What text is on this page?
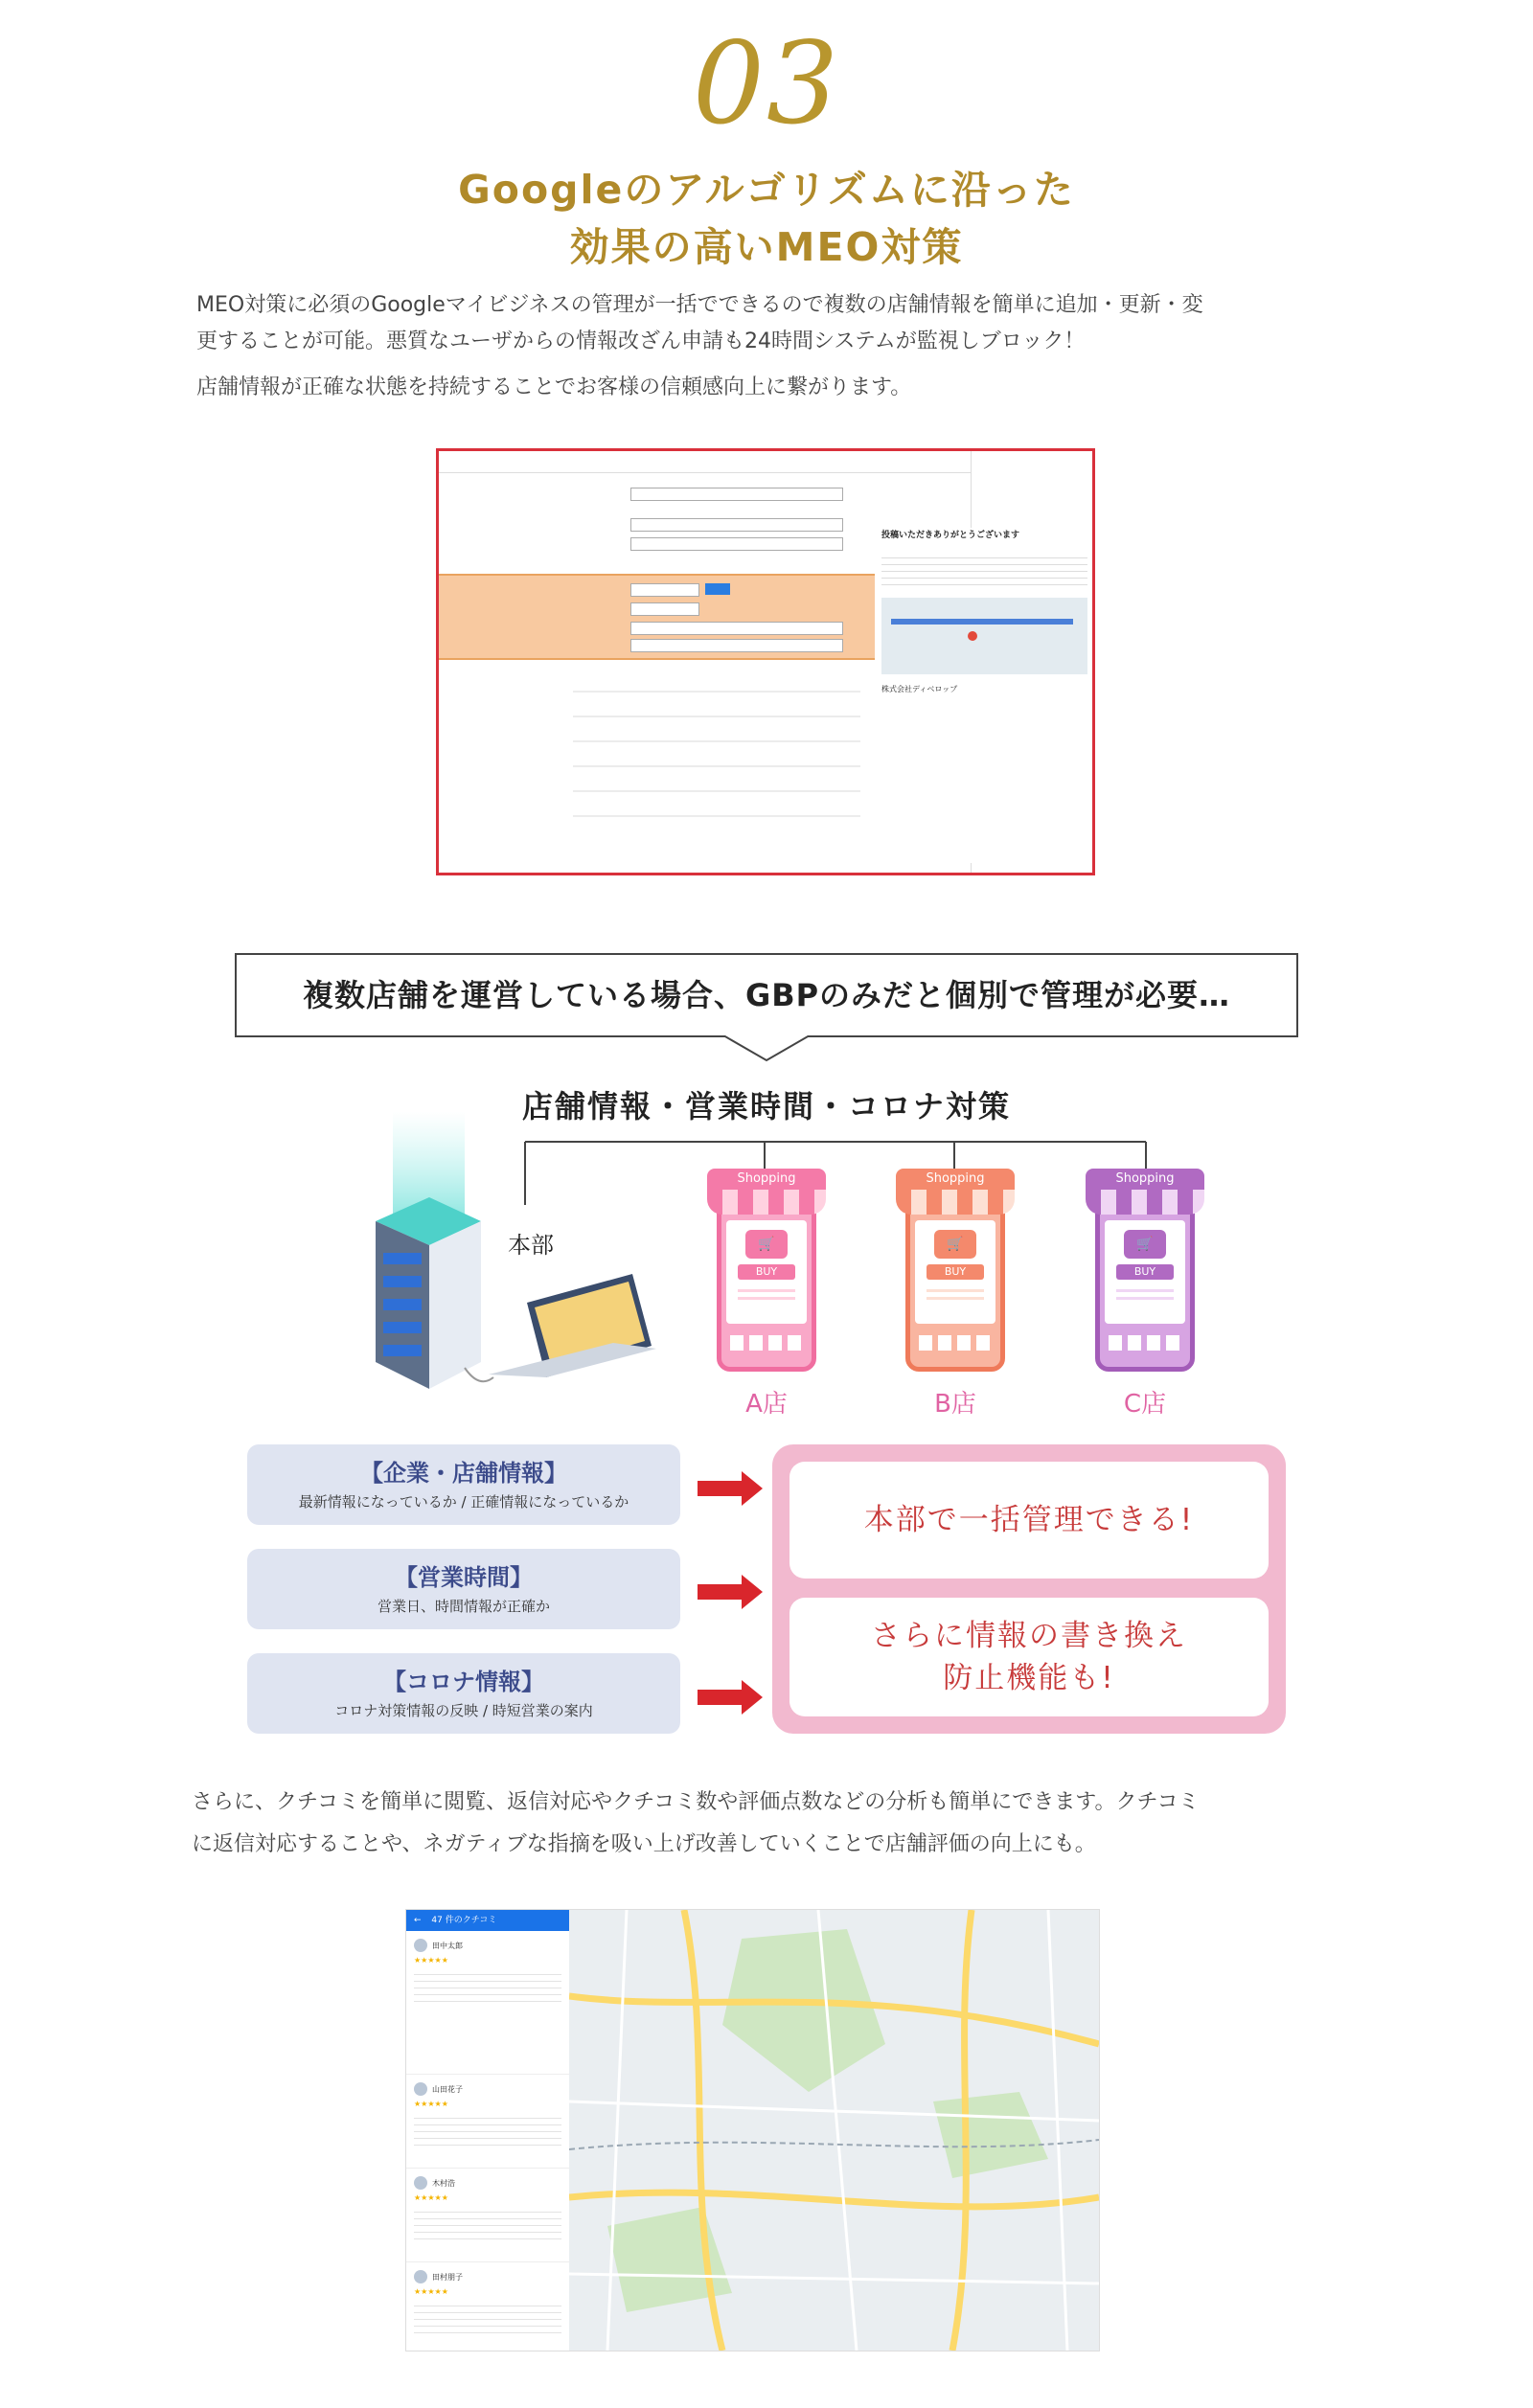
03
Googleのアルゴリズムに沿った
効果の高いMEO対策

MEO対策に必須のGoogleマイビジネスの管理が一括でできるので複数の店舗情報を簡単に追加・更新・変

更することが可能。悪質なユーザからの情報改ざん申請も24時間システムが監視しブロック！

店舗情報が正確な状態を持続することでお客様の信頼感向上に繋がります。

投稿いただきありがとうございます
株式会社ディベロップ
複数店舗を運営している場合、GBPのみだと個別で管理が必要…
店舗情報・営業時間・コロナ対策
本部
Shopping
🛒
BUY
A店
Shopping
🛒
BUY
B店
Shopping
🛒
BUY
C店
【企業・店舗情報】
最新情報になっているか / 正確情報になっているか
【営業時間】
営業日、時間情報が正確か
【コロナ情報】
コロナ対策情報の反映 / 時短営業の案内
本部で一括管理できる!
さらに情報の書き換え
防止機能も!

さらに、クチコミを簡単に閲覧、返信対応やクチコミ数や評価点数などの分析も簡単にできます。クチコミ

に返信対応することや、ネガティブな指摘を吸い上げ改善していくことで店舗評価の向上にも。

← 47 件のクチコミ
田中太郎
★★★★★
山田花子
★★★★★
木村浩
★★★★★
田村朋子
★★★★★
